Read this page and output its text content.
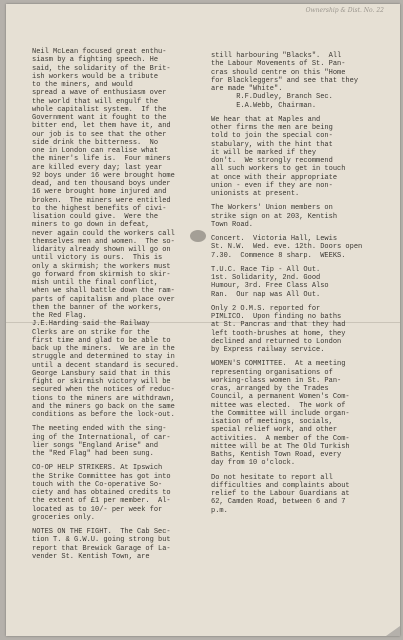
Ownership & Dist. No. 22
Neil McLean focused great enthu-
siasm by a fighting speech. He
said, the solidarity of the Brit-
ish workers would be a tribute
to the miners, and would
spread a wave of enthusiasm over
the world that will engulf the
whole capitalist system.  If the
Government want it fought to the
bitter end, let them have it, and
our job is to see that the other
side drink the bitterness.  No
one in London can realise what
the miner's life is.  Four miners
are killed every day; last year
92 boys under 16 were brought home
dead, and ten thousand boys under
16 were brought home injured and
broken.  The miners were entitled
to the highest benefits of civi-
lisation could give.  Were the
miners to go down in defeat,
never again could the workers call
themselves men and women.  The so-
lidarity already shown will go on
until victory is ours.  This is
only a skirmish; the workers must
go forward from skirmish to skir-
mish until the final conflict,
when we shall battle down the ram-
parts of capitalism and place over
them the banner of the workers,
the Red Flag.
J.E.Harding said the Railway
Clerks are on strike for the
first time and glad to be able to
back up the miners.  We are in the
struggle and determined to stay in
until a decent standard is secured.
George Lansbury said that in this
fight or skirmish victory will be
secured when the notices of reduc-
tions to the miners are withdrawn,
and the miners go back on the same
conditions as before the lock-out.
The meeting ended with the sing-
ing of the International, of car-
lier songs "England Arise" and
the "Red Flag" had been sung.
CO-OP HELP STRIKERS. At Ipswich
the Strike Committee has got into
touch with the Co-operative So-
ciety and has obtained credits to
the extent of £1 per member.  Al-
located as to 10/- per week for
groceries only.
NOTES ON THE FIGHT.  The Cab Sec-
tion T. & G.W.U. going strong but
report that Brewick Garage of La-
vender St. Kentish Town, are
still harbouring "Blacks".  All
the Labour Movements of St. Pan-
cras should centre on this "Home
for Blackleggers" and see that they
are made "White".
R.F.Dudley, Branch Sec.
E.A.Webb, Chairman.
We hear that at Maples and
other firms the men are being
told to join the special con-
stabulary, with the hint that
it will be marked if they
don't.  We strongly recommend
all such workers to get in touch
at once with their appropriate
union - even if they are non-
unionists at present.
The Workers' Union members on
strike sign on at 203, Kentish
Town Road.
Concert.  Victoria Hall, Lewis
St. N.W.  Wed. eve. 12th. Doors open
7.30.  Commence 8 sharp.  WEEKS.
T.U.C. Race Tip - All Out.
1st. Solidarity, 2nd. Good
Humour, 3rd. Free Class Also
Ran.  Our nap was All Out.
Only 2 O.M.S. reported for
PIMLICO.  Upon finding no baths
at St. Pancras and that they had
left tooth-brushes at home, they
declined and returned to London
by Express railway service.
WOMEN'S COMMITTEE.  At a meeting
representing organisations of
working-class women in St. Pan-
cras, arranged by the Trades
Council, a permanent Women's Com-
mittee was elected.  The work of
the Committee will include organ-
isation of meetings, socials,
special relief work, and other
activities.  A member of the Com-
mittee will be at The Old Turkish
Baths, Kentish Town Road, every
day from 10 o'clock.
Do not hesitate to report all
difficulties and complaints about
relief to the Labour Guardians at
62, Camden Road, between 6 and 7
p.m.
